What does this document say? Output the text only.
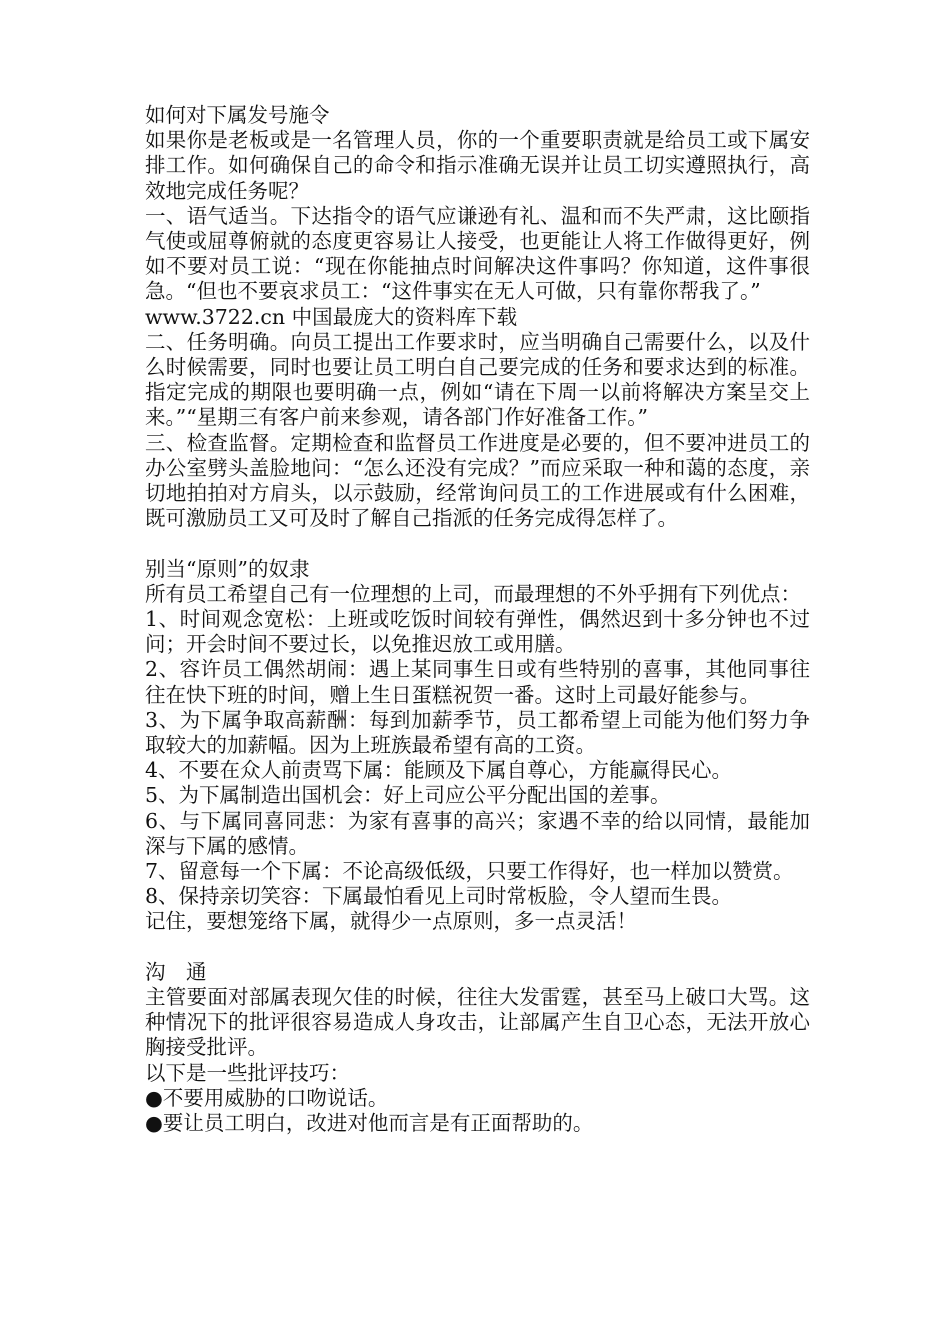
如何对下属发号施令

如果你是老板或是一名管理人员，你的一个重要职责就是给员工或下属安排工作。如何确保自己的命令和指示准确无误并让员工切实遵照执行，高效地完成任务呢？

一、语气适当。下达指令的语气应谦逊有礼、温和而不失严肃，这比颐指气使或屈尊俯就的态度更容易让人接受，也更能让人将工作做得更好，例如不要对员工说：“现在你能抽点时间解决这件事吗？你知道，这件事很急。“但也不要哀求员工：“这件事实在无人可做，只有靠你帮我了。”

www.3722.cn 中国最庞大的资料库下载

二、任务明确。向员工提出工作要求时，应当明确自己需要什么，以及什么时候需要，同时也要让员工明白自己要完成的任务和要求达到的标准。指定完成的期限也要明确一点，例如“请在下周一以前将解决方案呈交上来。”“星期三有客户前来参观，请各部门作好准备工作。”

三、检查监督。定期检查和监督员工作进度是必要的，但不要冲进员工的办公室劈头盖脸地问：“怎么还没有完成？”而应采取一种和蔼的态度，亲切地拍拍对方肩头，以示鼓励，经常询问员工的工作进展或有什么困难，既可激励员工又可及时了解自己指派的任务完成得怎样了。

别当“原则”的奴隶

所有员工希望自己有一位理想的上司，而最理想的不外乎拥有下列优点：

1、时间观念宽松：上班或吃饭时间较有弹性，偶然迟到十多分钟也不过问；开会时间不要过长，以免推迟放工或用膳。

2、容许员工偶然胡闹：遇上某同事生日或有些特别的喜事，其他同事往往在快下班的时间，赠上生日蛋糕祝贺一番。这时上司最好能参与。

3、为下属争取高薪酬：每到加薪季节，员工都希望上司能为他们努力争取较大的加薪幅。因为上班族最希望有高的工资。

4、不要在众人前责骂下属：能顾及下属自尊心，方能赢得民心。

5、为下属制造出国机会：好上司应公平分配出国的差事。

6、与下属同喜同悲：为家有喜事的高兴；家遇不幸的给以同情，最能加深与下属的感情。

7、留意每一个下属：不论高级低级，只要工作得好，也一样加以赞赏。

8、保持亲切笑容：下属最怕看见上司时常板脸，令人望而生畏。

记住，要想笼络下属，就得少一点原则，多一点灵活！

沟　通

主管要面对部属表现欠佳的时候，往往大发雷霆，甚至马上破口大骂。这种情况下的批评很容易造成人身攻击，让部属产生自卫心态，无法开放心胸接受批评。

以下是一些批评技巧：

●不要用威胁的口吻说话。

●要让员工明白，改进对他而言是有正面帮助的。
